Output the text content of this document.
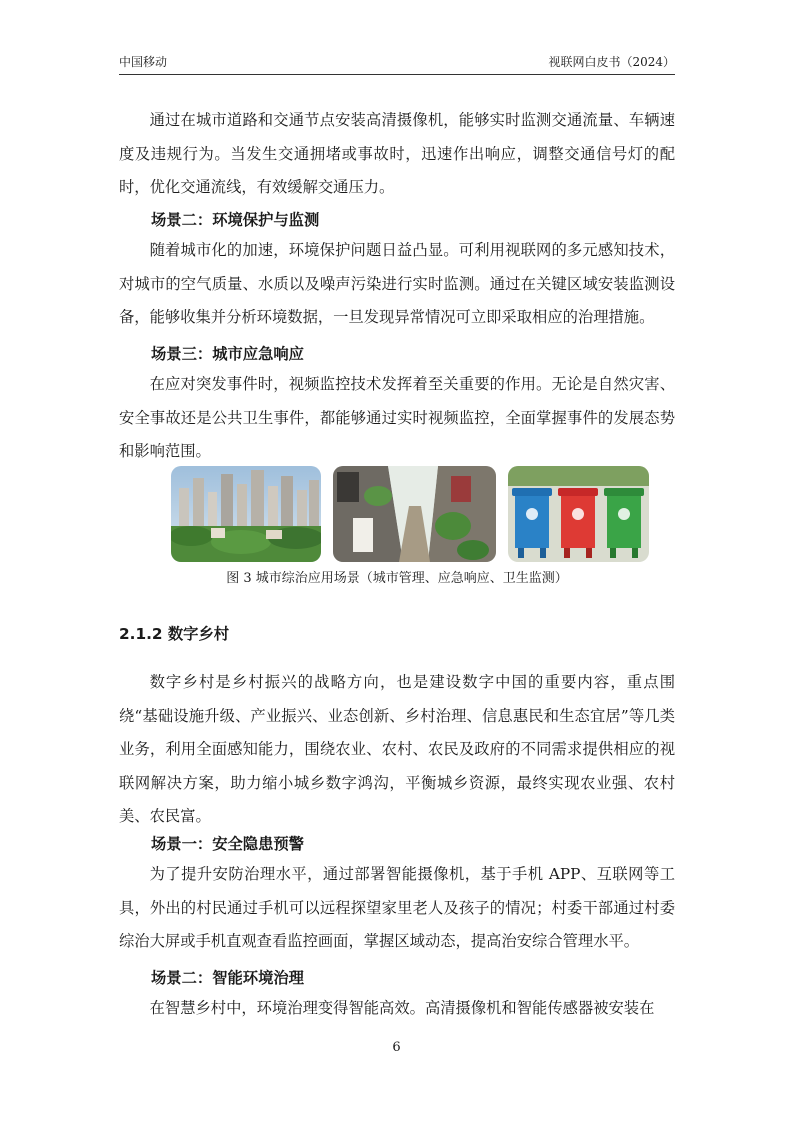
中国移动	视联网白皮书（2024）

通过在城市道路和交通节点安装高清摄像机，能够实时监测交通流量、车辆速度及违规行为。当发生交通拥堵或事故时，迅速作出响应，调整交通信号灯的配时，优化交通流线，有效缓解交通压力。

场景二：环境保护与监测

随着城市化的加速，环境保护问题日益凸显。可利用视联网的多元感知技术，对城市的空气质量、水质以及噪声污染进行实时监测。通过在关键区域安装监测设备，能够收集并分析环境数据，一旦发现异常情况可立即采取相应的治理措施。

场景三：城市应急响应

在应对突发事件时，视频监控技术发挥着至关重要的作用。无论是自然灾害、安全事故还是公共卫生事件，都能够通过实时视频监控，全面掌握事件的发展态势和影响范围。

图 3 城市综治应用场景（城市管理、应急响应、卫生监测）

2.1.2 数字乡村

数字乡村是乡村振兴的战略方向，也是建设数字中国的重要内容，重点围绕“基础设施升级、产业振兴、业态创新、乡村治理、信息惠民和生态宜居”等几类业务，利用全面感知能力，围绕农业、农村、农民及政府的不同需求提供相应的视联网解决方案，助力缩小城乡数字鸿沟，平衡城乡资源，最终实现农业强、农村美、农民富。

场景一：安全隐患预警

为了提升安防治理水平，通过部署智能摄像机，基于手机 APP、互联网等工具，外出的村民通过手机可以远程探望家里老人及孩子的情况；村委干部通过村委综治大屏或手机直观查看监控画面，掌握区域动态，提高治安综合管理水平。

场景二：智能环境治理

在智慧乡村中，环境治理变得智能高效。高清摄像机和智能传感器被安装在

6
